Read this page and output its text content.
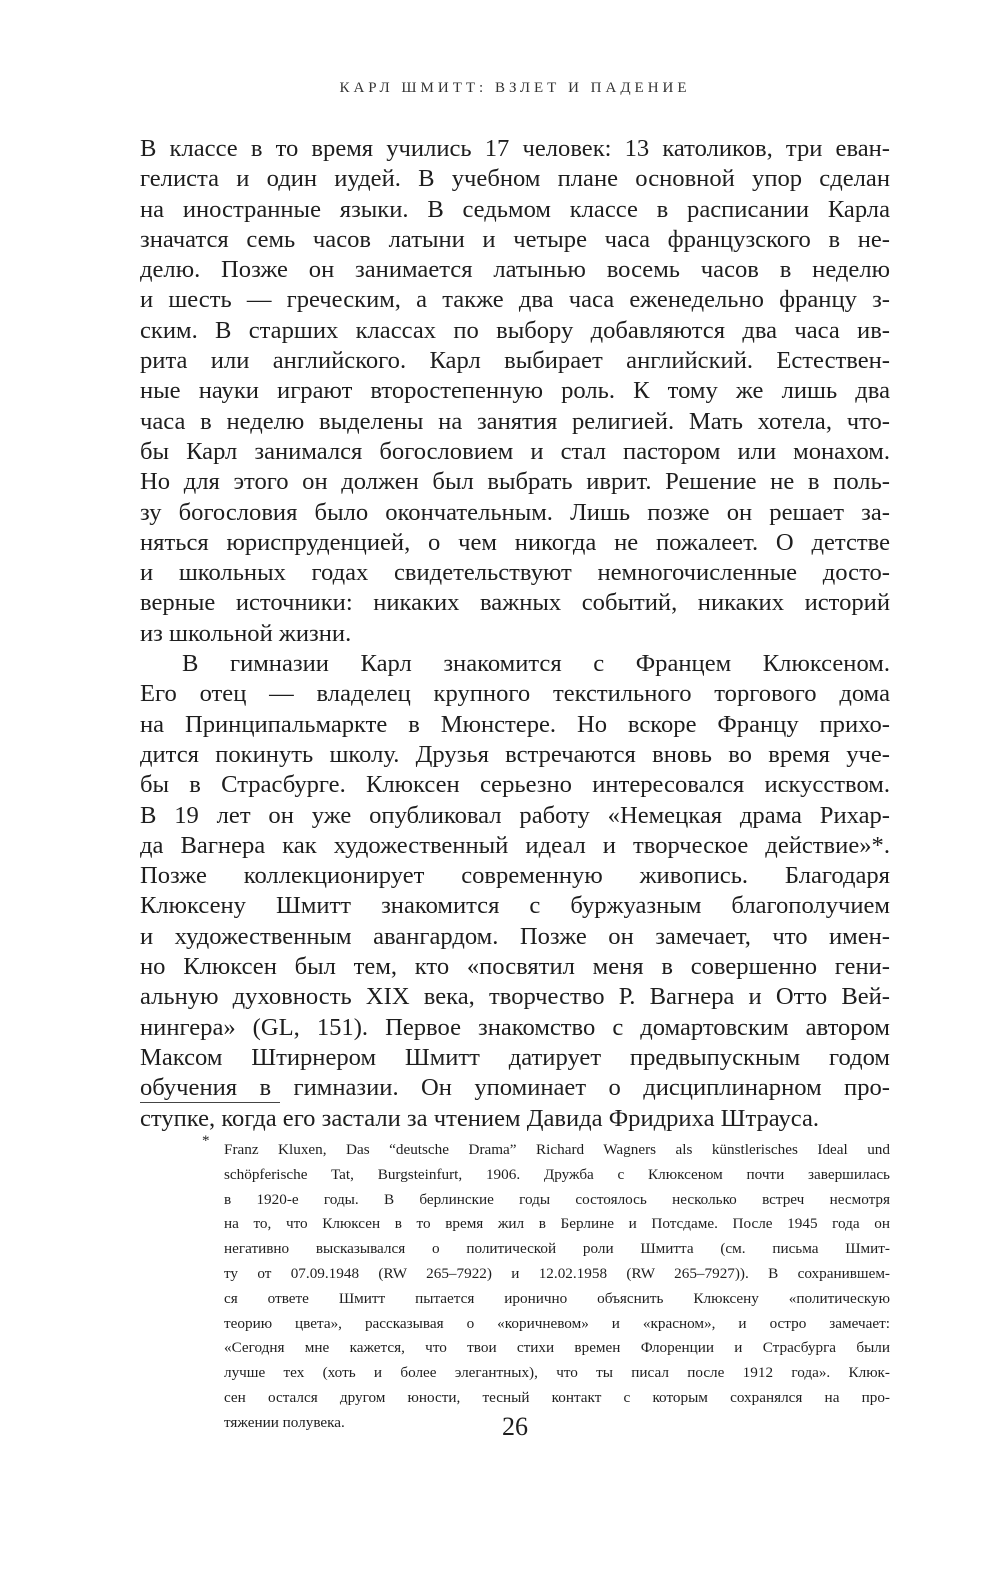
КАРЛ ШМИТТ: ВЗЛЕТ И ПАДЕНИЕ
В классе в то время учились 17 человек: 13 католиков, три еван-
гелиста и один иудей. В учебном плане основной упор сделан
на иностранные языки. В седьмом классе в расписании Карла
значатся семь часов латыни и четыре часа французского в не-
делю. Позже он занимается латынью восемь часов в неделю
и шесть — греческим, а также два часа еженедельно францу з-
ским. В старших классах по выбору добавляются два часа ив-
рита или английского. Карл выбирает английский. Естествен-
ные науки играют второстепенную роль. К тому же лишь два
часа в неделю выделены на занятия религией. Мать хотела, что-
бы Карл занимался богословием и стал пастором или монахом.
Но для этого он должен был выбрать иврит. Решение не в поль-
зу богословия было окончательным. Лишь позже он решает за-
няться юриспруденцией, о чем никогда не пожалеет. О детстве
и школьных годах свидетельствуют немногочисленные досто-
верные источники: никаких важных событий, никаких историй
из школьной жизни.
В гимназии Карл знакомится с Францем Клюксеном.
Его отец — владелец крупного текстильного торгового дома
на Принципальмаркте в Мюнстере. Но вскоре Францу прихо-
дится покинуть школу. Друзья встречаются вновь во время уче-
бы в Страсбурге. Клюксен серьезно интересовался искусством.
В 19 лет он уже опубликовал работу «Немецкая драма Рихар-
да Вагнера как художественный идеал и творческое действие»*.
Позже коллекционирует современную живопись. Благодаря
Клюксену Шмитт знакомится с буржуазным благополучием
и художественным авангардом. Позже он замечает, что имен-
но Клюксен был тем, кто «посвятил меня в совершенно гени-
альную духовность XIX века, творчество Р. Вагнера и Отто Вей-
нингера» (GL, 151). Первое знакомство с домартовским автором
Максом Штирнером Шмитт датирует предвыпускным годом
обучения в гимназии. Он упоминает о дисциплинарном про-
ступке, когда его застали за чтением Давида Фридриха Штрауса.
* Franz Kluxen, Das “deutsche Drama” Richard Wagners als künstlerisches Ideal und
schöpferische Tat, Burgsteinfurt, 1906. Дружба с Клюксеном почти завершилась
в 1920-е годы. В берлинские годы состоялось несколько встреч несмотря
на то, что Клюксен в то время жил в Берлине и Потсдаме. После 1945 года он
негативно высказывался о политической роли Шмитта (см. письма Шмит-
ту от 07.09.1948 (RW 265–7922) и 12.02.1958 (RW 265–7927)). В сохранившем-
ся ответе Шмитт пытается иронично объяснить Клюксену «политическую
теорию цвета», рассказывая о «коричневом» и «красном», и остро замечает:
«Сегодня мне кажется, что твои стихи времен Флоренции и Страсбурга были
лучше тех (хоть и более элегантных), что ты писал после 1912 года». Клюк-
сен остался другом юности, тесный контакт с которым сохранялся на про-
тяжении полувека.	26
